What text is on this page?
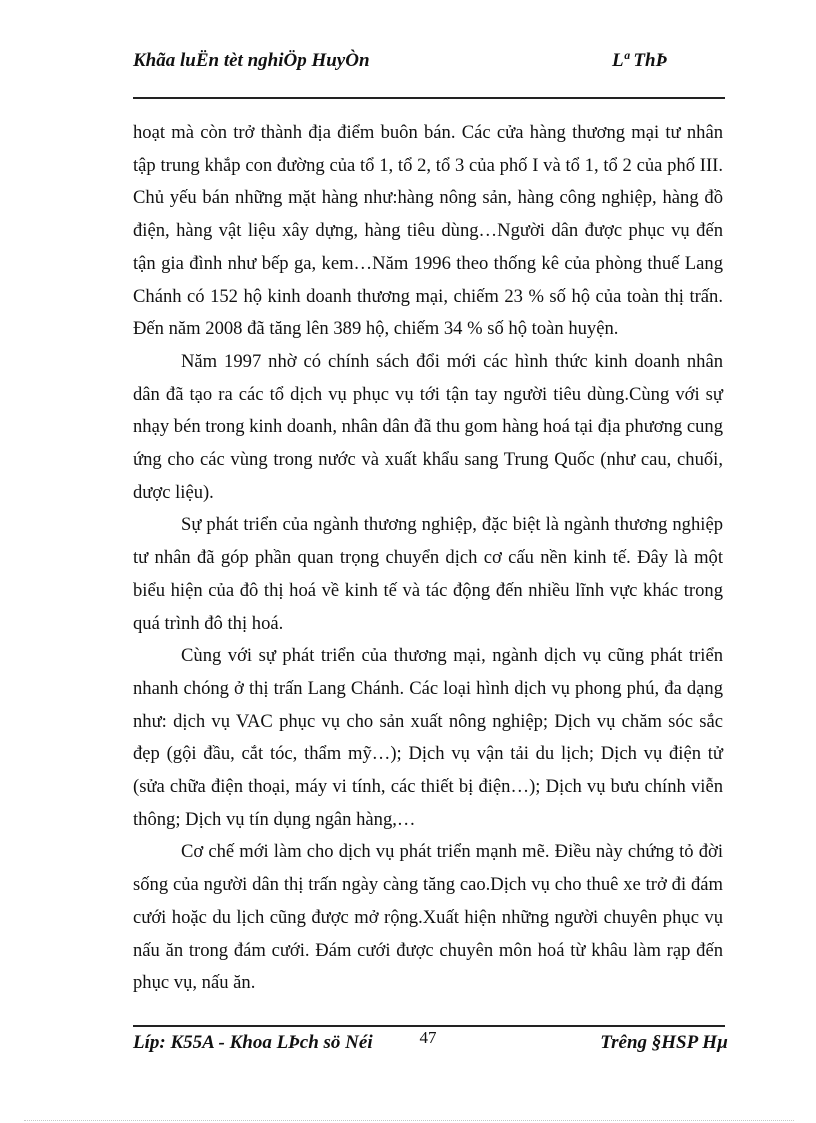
Khãa luËn tèt nghiÖp HuyÒn	Lª ThÞ

hoạt mà còn trở thành địa điểm buôn bán. Các cửa hàng thương mại tư nhân tập trung khắp con đường của tổ 1, tổ 2, tổ 3 của phố I và tổ 1, tổ 2 của phố III. Chủ yếu bán những mặt hàng như:hàng nông sản, hàng công nghiệp, hàng đồ điện, hàng vật liệu xây dựng, hàng tiêu dùng…Người dân được phục vụ đến tận gia đình như bếp ga, kem…Năm 1996 theo thống kê của phòng thuế Lang Chánh có 152 hộ kinh doanh thương mại, chiếm 23 % số hộ của toàn thị trấn. Đến năm 2008 đã tăng lên 389 hộ, chiếm 34 % số hộ toàn huyện.

Năm 1997 nhờ có chính sách đổi mới các hình thức kinh doanh nhân dân đã tạo ra các tổ dịch vụ phục vụ tới tận tay người tiêu dùng.Cùng với sự nhạy bén trong kinh doanh, nhân dân đã thu gom hàng hoá tại địa phương cung ứng cho các vùng trong nước và xuất khẩu sang Trung Quốc (như cau, chuối, dược liệu).

Sự phát triển của ngành thương nghiệp, đặc biệt là ngành thương nghiệp tư nhân đã góp phần quan trọng chuyển dịch cơ cấu nền kinh tế. Đây là một biểu hiện của đô thị hoá về kinh tế và tác động đến nhiều lĩnh vực khác trong quá trình đô thị hoá.

Cùng với sự phát triển của thương mại, ngành dịch vụ cũng phát triển nhanh chóng ở thị trấn Lang Chánh. Các loại hình dịch vụ phong phú, đa dạng như: dịch vụ VAC phục vụ cho sản xuất nông nghiệp; Dịch vụ chăm sóc sắc đẹp (gội đầu, cắt tóc, thẩm mỹ…); Dịch vụ vận tải du lịch; Dịch vụ điện tử (sửa chữa điện thoại, máy vi tính, các thiết bị điện…); Dịch vụ bưu chính viễn thông; Dịch vụ tín dụng ngân hàng,…

Cơ chế mới làm cho dịch vụ phát triển mạnh mẽ. Điều này chứng tỏ đời sống của người dân thị trấn ngày càng tăng cao.Dịch vụ cho thuê xe trở đi đám cưới hoặc du lịch cũng được mở rộng.Xuất hiện những người chuyên phục vụ nấu ăn trong đám cưới. Đám cưới được chuyên môn hoá từ khâu làm rạp đến phục vụ, nấu ăn.

Líp: K55A - Khoa LÞch sö Néi	47	Trêng §HSP Hµ
